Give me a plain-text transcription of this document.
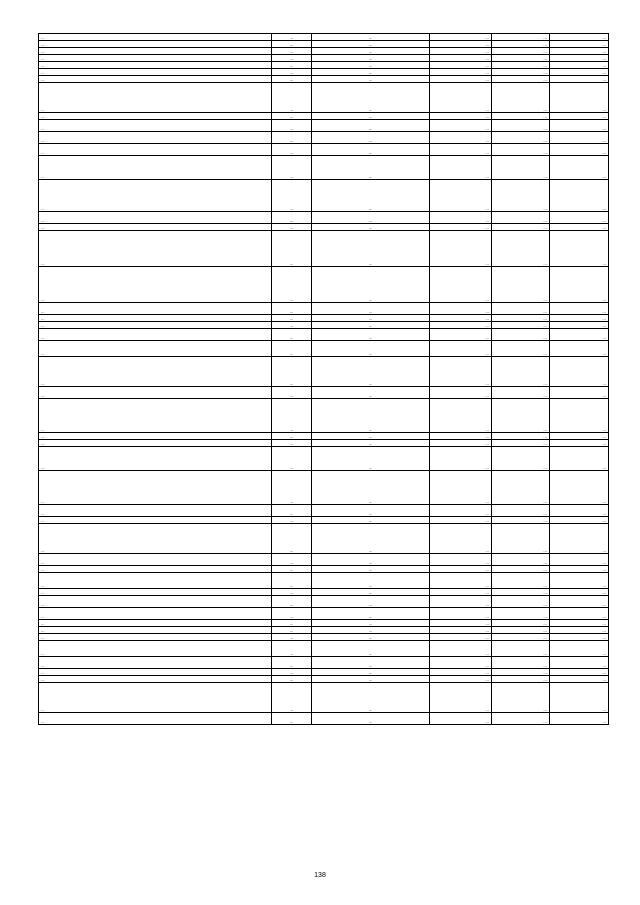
...	...	...	...	...	...
...	...	...	...	...	...
...	...	...	...	...	...
...	...	...	...	...	...
...	...	...	...	...	...
...	...	...	...	...	...
...	...	...	...	...	...
...	...	...	...	...	...
...	...	...	...	...	...
...	...	...	...	...	...
...	...	...	...	...	...
...	...	...	...	...	...
...	...	...	...	...	...
...	...	...	...	...	...
...	...	...	...	...	...
...	...	...	...	...	...
...	...	...	...	...	...
...	...	...	...	...	...
...	...	...	...	...	...
...	...	...	...	...	...
...	...	...	...	...	...
...	...	...	...	...	...
...	...	...	...	...	...
...	...	...	...	...	...
...	...	...	...	...	...
...	...	...	...	...	...
...	...	...	...	...	...
...	...	...	...	...	...
...	...	...	...	...	...
...	...	...	...	...	...
...	...	...	...	...	...
...	...	...	...	...	...
...	...	...	...	...	...
...	...	...	...	...	...
...	...	...	...	...	...
...	...	...	...	...	...
...	...	...	...	...	...
...	...	...	...	...	...
...	...	...	...	...	...
...	...	...	...	...	...
...	...	...	...	...	...
...	...	...	...	...	...
...	...	...	...	...	...
...	...	...	...	...	...
...	...	...	...	...	...
...	...	...	...	...	...
...	...	...	...	...	...
...	...	...	...	...	...
138
